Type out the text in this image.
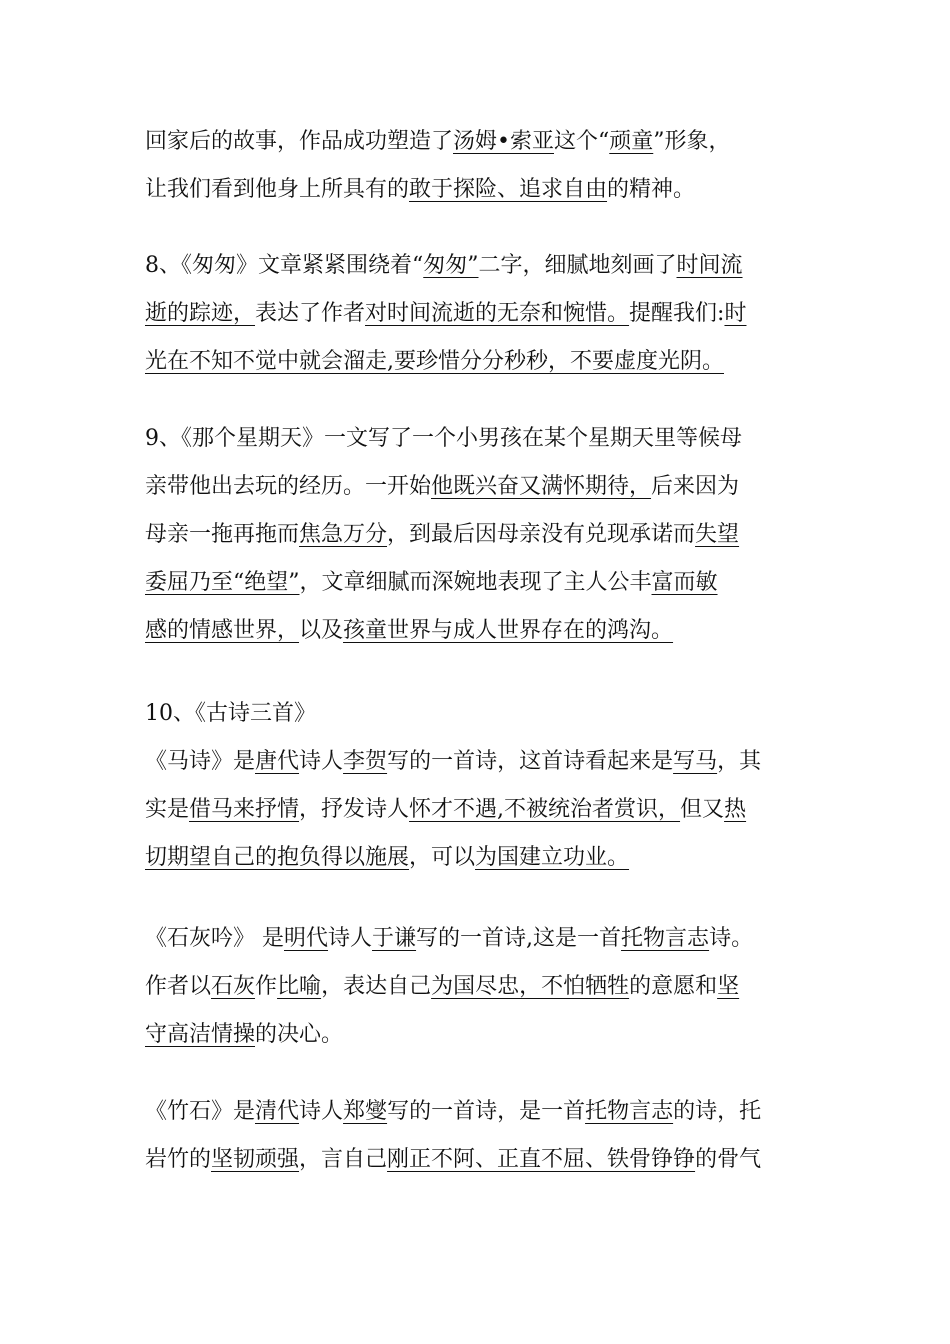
回家后的故事，作品成功塑造了汤姆•索亚这个“顽童”形象，
让我们看到他身上所具有的敢于探险、追求自由的精神。
8、《匆匆》文章紧紧围绕着“匆匆”二字，细腻地刻画了时间流
逝的踪迹，表达了作者对时间流逝的无奈和惋惜。提醒我们:时
光在不知不觉中就会溜走,要珍惜分分秒秒，不要虚度光阴。
9、《那个星期天》一文写了一个小男孩在某个星期天里等候母
亲带他出去玩的经历。一开始他既兴奋又满怀期待，后来因为
母亲一拖再拖而焦急万分，到最后因母亲没有兑现承诺而失望
委屈乃至“绝望”，文章细腻而深婉地表现了主人公丰富而敏
感的情感世界，以及孩童世界与成人世界存在的鸿沟。
10、《古诗三首》
《马诗》是唐代诗人李贺写的一首诗，这首诗看起来是写马，其
实是借马来抒情，抒发诗人怀才不遇,不被统治者赏识，但又热
切期望自己的抱负得以施展，可以为国建立功业。
《石灰吟》 是明代诗人于谦写的一首诗,这是一首托物言志诗。
作者以石灰作比喻，表达自己为国尽忠，不怕牺牲的意愿和坚
守高洁情操的决心。
《竹石》是清代诗人郑燮写的一首诗，是一首托物言志的诗，托
岩竹的坚韧顽强，言自己刚正不阿、正直不屈、铁骨铮铮的骨气
